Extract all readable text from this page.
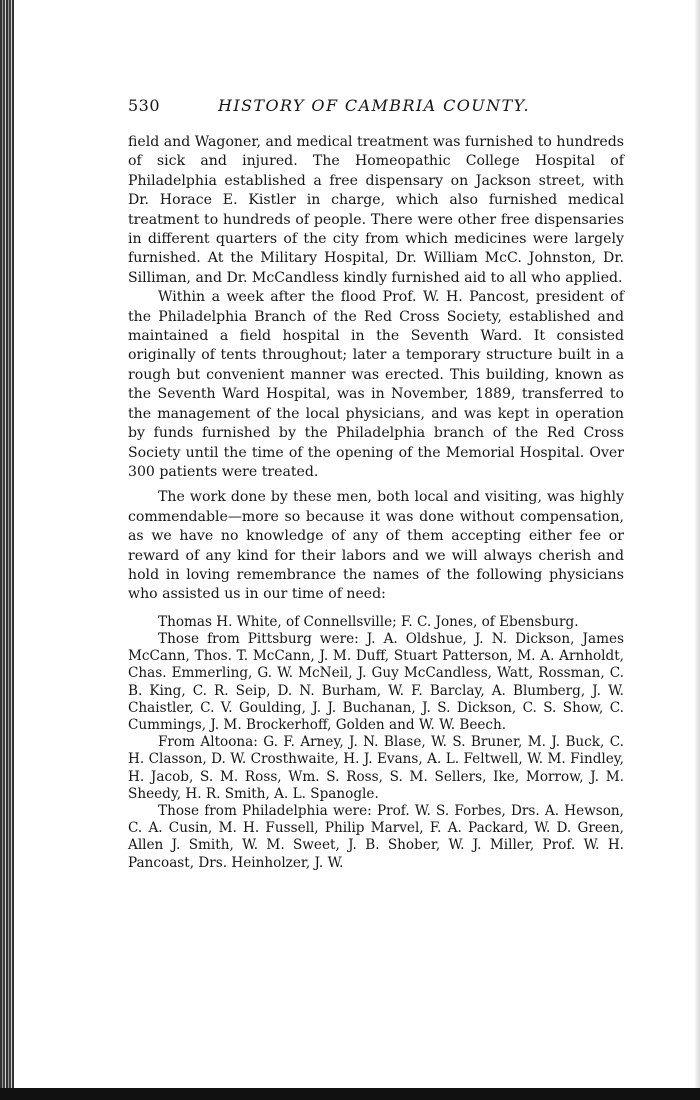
530	HISTORY OF CAMBRIA COUNTY.

field and Wagoner, and medical treatment was furnished to hundreds of sick and injured. The Homeopathic College Hospital of Philadelphia established a free dispensary on Jackson street, with Dr. Horace E. Kistler in charge, which also furnished medical treatment to hundreds of people. There were other free dispensaries in different quarters of the city from which medicines were largely furnished. At the Military Hospital, Dr. William McC. Johnston, Dr. Silliman, and Dr. McCandless kindly furnished aid to all who applied.

Within a week after the flood Prof. W. H. Pancost, president of the Philadelphia Branch of the Red Cross Society, established and maintained a field hospital in the Seventh Ward. It consisted originally of tents throughout; later a temporary structure built in a rough but convenient manner was erected. This building, known as the Seventh Ward Hospital, was in November, 1889, transferred to the management of the local physicians, and was kept in operation by funds furnished by the Philadelphia branch of the Red Cross Society until the time of the opening of the Memorial Hospital. Over 300 patients were treated.

The work done by these men, both local and visiting, was highly commendable—more so because it was done without compensation, as we have no knowledge of any of them accepting either fee or reward of any kind for their labors and we will always cherish and hold in loving remembrance the names of the following physicians who assisted us in our time of need:

Thomas H. White, of Connellsville; F. C. Jones, of Ebensburg.

Those from Pittsburg were: J. A. Oldshue, J. N. Dickson, James McCann, Thos. T. McCann, J. M. Duff, Stuart Patterson, M. A. Arnholdt, Chas. Emmerling, G. W. McNeil, J. Guy McCandless, Watt, Rossman, C. B. King, C. R. Seip, D. N. Burham, W. F. Barclay, A. Blumberg, J. W. Chaistler, C. V. Goulding, J. J. Buchanan, J. S. Dickson, C. S. Show, C. Cummings, J. M. Brockerhoff, Golden and W. W. Beech.

From Altoona: G. F. Arney, J. N. Blase, W. S. Bruner, M. J. Buck, C. H. Classon, D. W. Crosthwaite, H. J. Evans, A. L. Feltwell, W. M. Findley, H. Jacob, S. M. Ross, Wm. S. Ross, S. M. Sellers, Ike, Morrow, J. M. Sheedy, H. R. Smith, A. L. Spanogle.

Those from Philadelphia were: Prof. W. S. Forbes, Drs. A. Hewson, C. A. Cusin, M. H. Fussell, Philip Marvel, F. A. Packard, W. D. Green, Allen J. Smith, W. M. Sweet, J. B. Shober, W. J. Miller, Prof. W. H. Pancoast, Drs. Heinholzer, J. W.
